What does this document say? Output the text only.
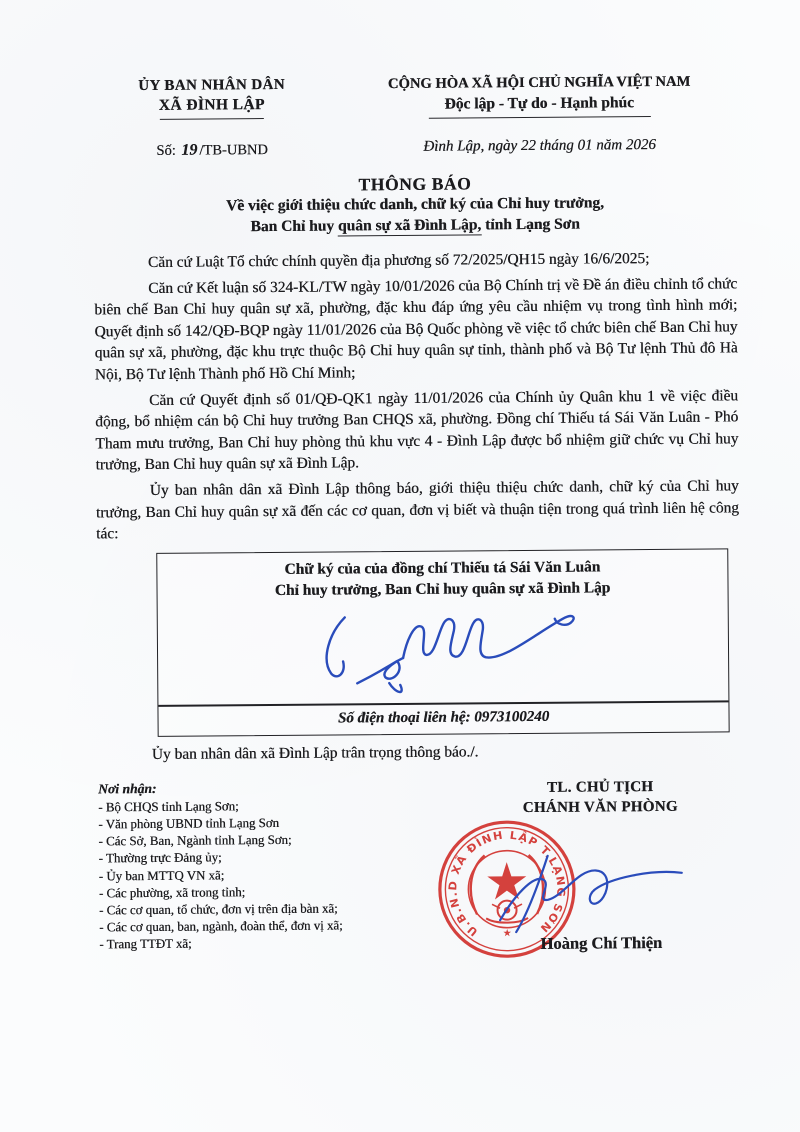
ỦY BAN NHÂN DÂN
XÃ ĐÌNH LẬP
Số: 19 /TB-UBND
CỘNG HÒA XÃ HỘI CHỦ NGHĨA VIỆT NAM
Độc lập - Tự do - Hạnh phúc
Đình Lập, ngày 22 tháng 01 năm 2026
THÔNG BÁO
Về việc giới thiệu chức danh, chữ ký của Chỉ huy trưởng,
Ban Chỉ huy quân sự xã Đình Lập, tỉnh Lạng Sơn

Căn cứ Luật Tổ chức chính quyền địa phương số 72/2025/QH15 ngày 16/6/2025;

Căn cứ Kết luận số 324-KL/TW ngày 10/01/2026 của Bộ Chính trị về Đề án điều chỉnh tổ chức biên chế Ban Chỉ huy quân sự xã, phường, đặc khu đáp ứng yêu cầu nhiệm vụ trong tình hình mới; Quyết định số 142/QĐ-BQP ngày 11/01/2026 của Bộ Quốc phòng về việc tổ chức biên chế Ban Chỉ huy quân sự xã, phường, đặc khu trực thuộc Bộ Chỉ huy quân sự tỉnh, thành phố và Bộ Tư lệnh Thủ đô Hà Nội, Bộ Tư lệnh Thành phố Hồ Chí Minh;

Căn cứ Quyết định số 01/QĐ-QK1 ngày 11/01/2026 của Chính ủy Quân khu 1 về việc điều động, bổ nhiệm cán bộ Chỉ huy trưởng Ban CHQS xã, phường. Đồng chí Thiếu tá Sái Văn Luân - Phó Tham mưu trưởng, Ban Chỉ huy phòng thủ khu vực 4 - Đình Lập được bổ nhiệm giữ chức vụ Chỉ huy trưởng, Ban Chỉ huy quân sự xã Đình Lập.

Ủy ban nhân dân xã Đình Lập thông báo, giới thiệu thiệu chức danh, chữ ký của Chỉ huy trưởng, Ban Chỉ huy quân sự xã đến các cơ quan, đơn vị biết và thuận tiện trong quá trình liên hệ công tác:

Chữ ký của của đồng chí Thiếu tá Sái Văn Luân
Chỉ huy trưởng, Ban Chỉ huy quân sự xã Đình Lập
Số điện thoại liên hệ: 0973100240

Ủy ban nhân dân xã Đình Lập trân trọng thông báo./.

Nơi nhận:
- Bộ CHQS tỉnh Lạng Sơn;
- Văn phòng UBND tỉnh Lạng Sơn
- Các Sở, Ban, Ngành tỉnh Lạng Sơn;
- Thường trực Đảng ủy;
- Ủy ban MTTQ VN xã;
- Các phường, xã trong tỉnh;
- Các cơ quan, tổ chức, đơn vị trên địa bàn xã;
- Các cơ quan, ban, ngành, đoàn thể, đơn vị xã;
- Trang TTĐT xã;
TL. CHỦ TỊCH
CHÁNH VĂN PHÒNG
U.B.N.D XÃ ĐÌNH LẬP T.LẠNG SƠN
★	Hoàng Chí Thiện
